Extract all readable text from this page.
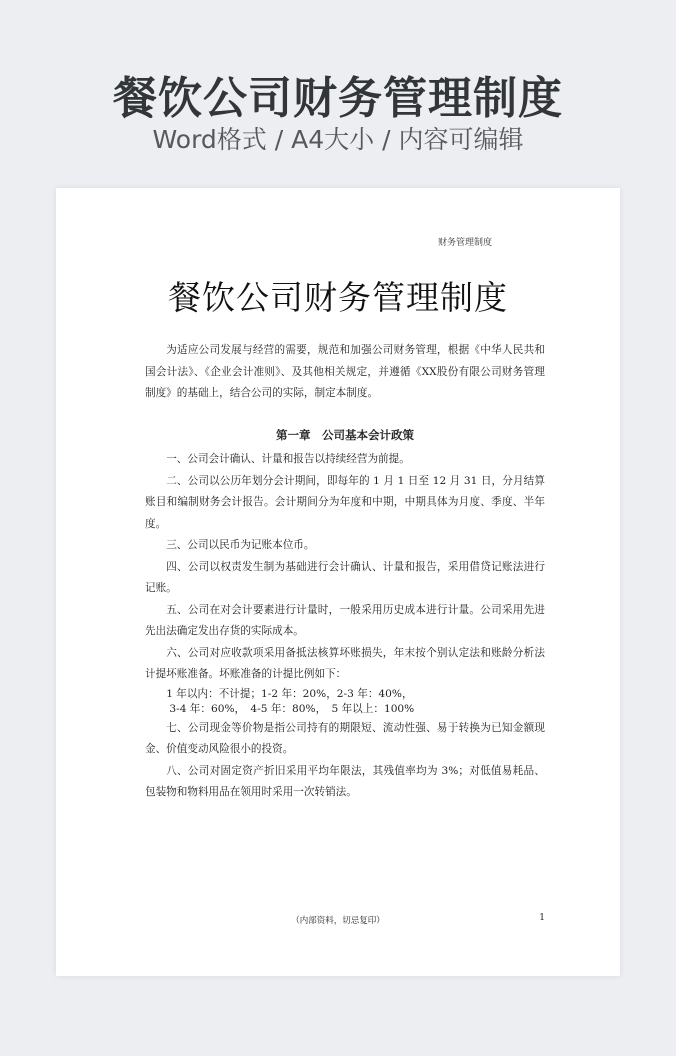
餐饮公司财务管理制度
Word格式 / A4大小 / 内容可编辑
财务管理制度
餐饮公司财务管理制度

为适应公司发展与经营的需要，规范和加强公司财务管理，根据《中华人民共和国会计法》、《企业会计准则》、及其他相关规定，并遵循《XX股份有限公司财务管理制度》的基础上，结合公司的实际，制定本制度。

第一章　公司基本会计政策

一、公司会计确认、计量和报告以持续经营为前提。

二、公司以公历年划分会计期间，即每年的 1 月 1 日至 12 月 31 日，分月结算账目和编制财务会计报告。会计期间分为年度和中期，中期具体为月度、季度、半年度。

三、公司以民币为记账本位币。

四、公司以权责发生制为基础进行会计确认、计量和报告，采用借贷记账法进行记账。

五、公司在对会计要素进行计量时，一般采用历史成本进行计量。公司采用先进先出法确定发出存货的实际成本。

六、公司对应收款项采用备抵法核算坏账损失，年末按个别认定法和账龄分析法计提坏账准备。坏账准备的计提比例如下：

1 年以内：不计提；1-2 年：20%，2-3 年：40%，
3-4 年：60%，　4-5 年：80%，　5 年以上：100%

七、公司现金等价物是指公司持有的期限短、流动性强、易于转换为已知金额现金、价值变动风险很小的投资。

八、公司对固定资产折旧采用平均年限法，其残值率均为 3%；对低值易耗品、包装物和物料用品在领用时采用一次转销法。

（内部资料，切忌复印）	1
